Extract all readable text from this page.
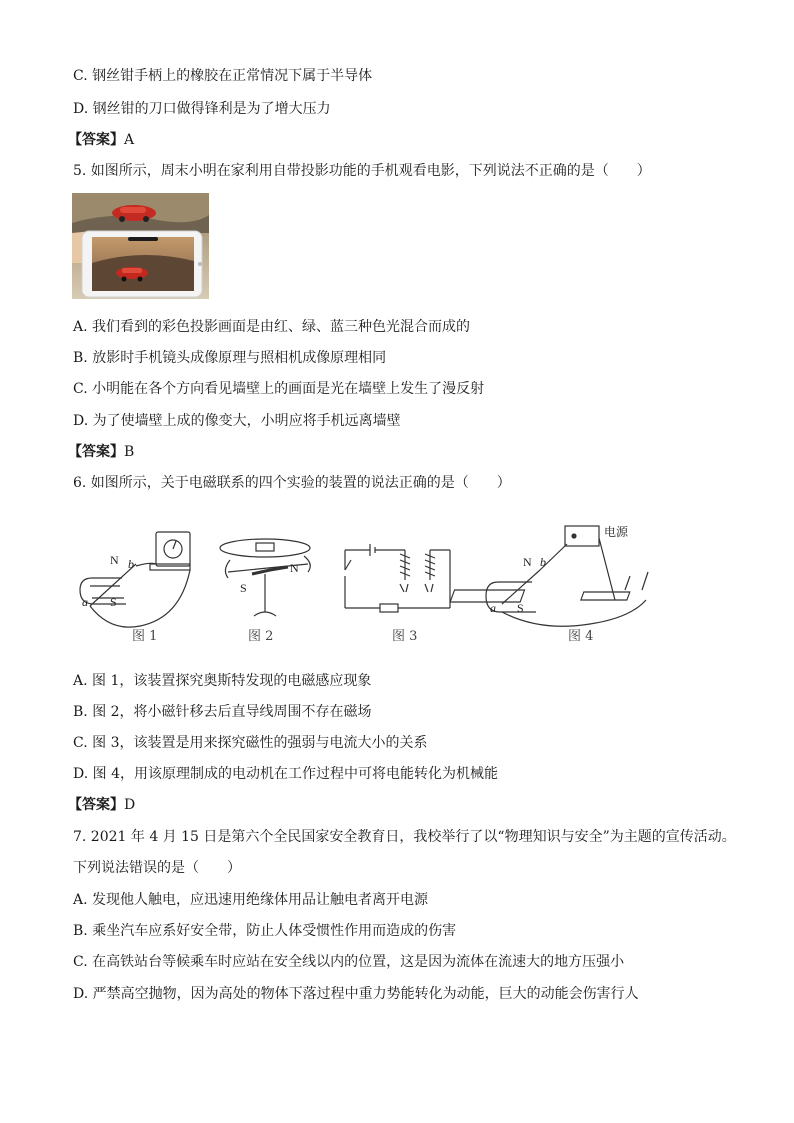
C. 钢丝钳手柄上的橡胶在正常情况下属于半导体
D. 钢丝钳的刀口做得锋利是为了增大压力
【答案】A
5. 如图所示，周末小明在家利用自带投影功能的手机观看电影，下列说法不正确的是（　　）
A. 我们看到的彩色投影画面是由红、绿、蓝三种色光混合而成的
B. 放影时手机镜头成像原理与照相机成像原理相同
C. 小明能在各个方向看见墙壁上的画面是光在墙壁上发生了漫反射
D. 为了使墙壁上成的像变大，小明应将手机远离墙壁
【答案】B
6. 如图所示，关于电磁联系的四个实验的装置的说法正确的是（　　）
N b
a S
N
S
N b
a S
电源
图 1	图 2	图 3	图 4
A. 图 1，该装置探究奥斯特发现的电磁感应现象
B. 图 2，将小磁针移去后直导线周围不存在磁场
C. 图 3，该装置是用来探究磁性的强弱与电流大小的关系
D. 图 4，用该原理制成的电动机在工作过程中可将电能转化为机械能
【答案】D
7. 2021 年 4 月 15 日是第六个全民国家安全教育日，我校举行了以“物理知识与安全”为主题的宣传活动。
下列说法错误的是（　　）
A. 发现他人触电，应迅速用绝缘体用品让触电者离开电源
B. 乘坐汽车应系好安全带，防止人体受惯性作用而造成的伤害
C. 在高铁站台等候乘车时应站在安全线以内的位置，这是因为流体在流速大的地方压强小
D. 严禁高空抛物，因为高处的物体下落过程中重力势能转化为动能，巨大的动能会伤害行人
